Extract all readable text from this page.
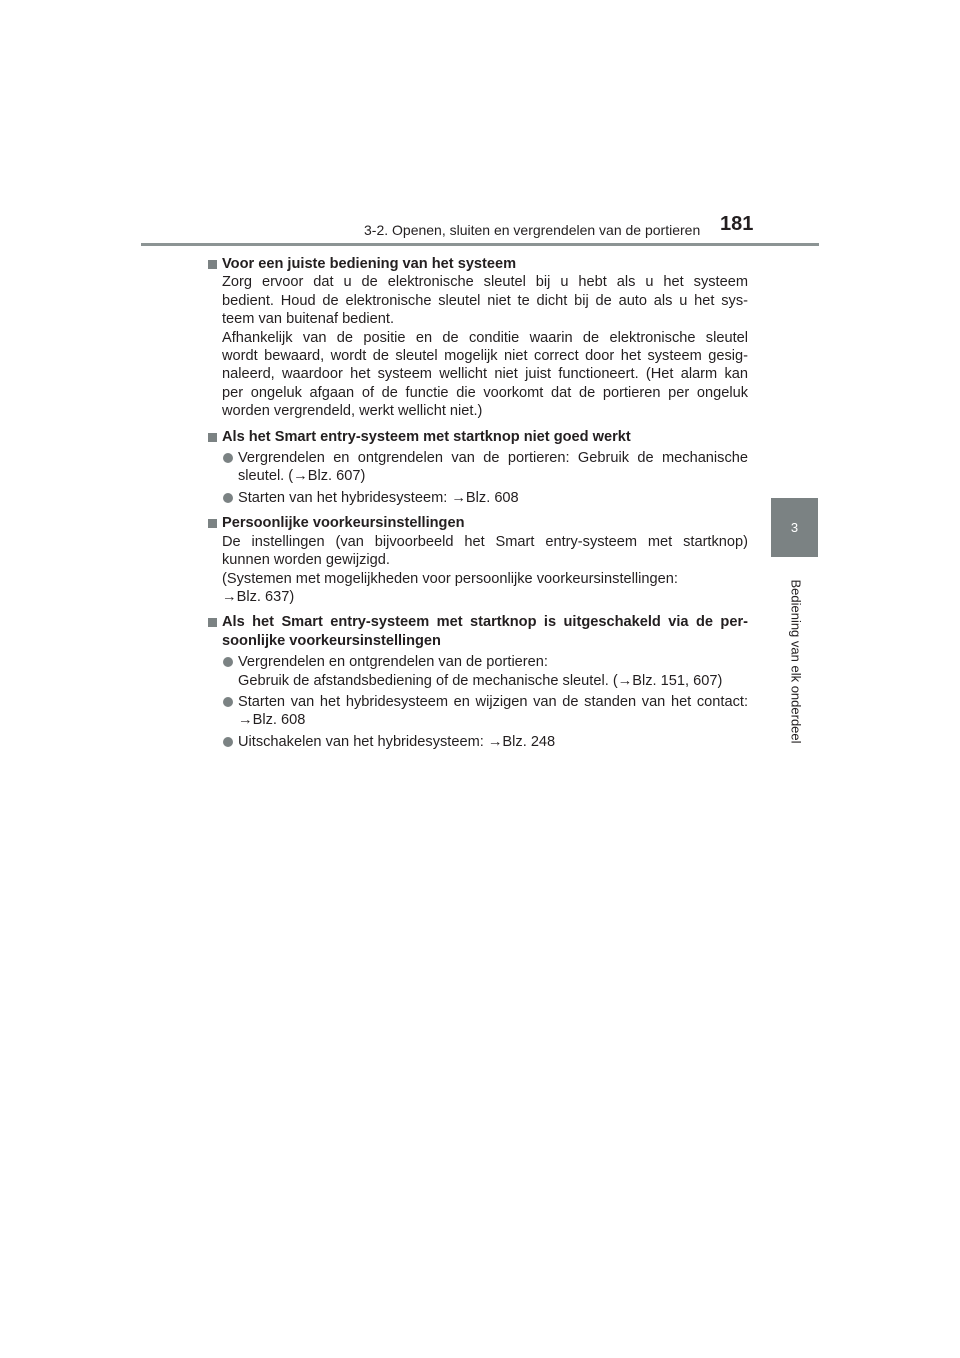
3-2. Openen, sluiten en vergrendelen van de portieren 181
3
Bediening van elk onderdeel
Voor een juiste bediening van het systeem
Zorg ervoor dat u de elektronische sleutel bij u hebt als u het systeem
bedient. Houd de elektronische sleutel niet te dicht bij de auto als u het sys-
teem van buitenaf bedient.
Afhankelijk van de positie en de conditie waarin de elektronische sleutel
wordt bewaard, wordt de sleutel mogelijk niet correct door het systeem gesig-
naleerd, waardoor het systeem wellicht niet juist functioneert. (Het alarm kan
per ongeluk afgaan of de functie die voorkomt dat de portieren per ongeluk
worden vergrendeld, werkt wellicht niet.)
Als het Smart entry-systeem met startknop niet goed werkt
Vergrendelen en ontgrendelen van de portieren: Gebruik de mechanische
sleutel. (→Blz. 607)
Starten van het hybridesysteem: →Blz. 608
Persoonlijke voorkeursinstellingen
De instellingen (van bijvoorbeeld het Smart entry-systeem met startknop)
kunnen worden gewijzigd.
(Systemen met mogelijkheden voor persoonlijke voorkeursinstellingen:
→Blz. 637)
Als het Smart entry-systeem met startknop is uitgeschakeld via de per-
soonlijke voorkeursinstellingen
Vergrendelen en ontgrendelen van de portieren:
Gebruik de afstandsbediening of de mechanische sleutel. (→Blz. 151, 607)
Starten van het hybridesysteem en wijzigen van de standen van het contact:
→Blz. 608
Uitschakelen van het hybridesysteem: →Blz. 248
